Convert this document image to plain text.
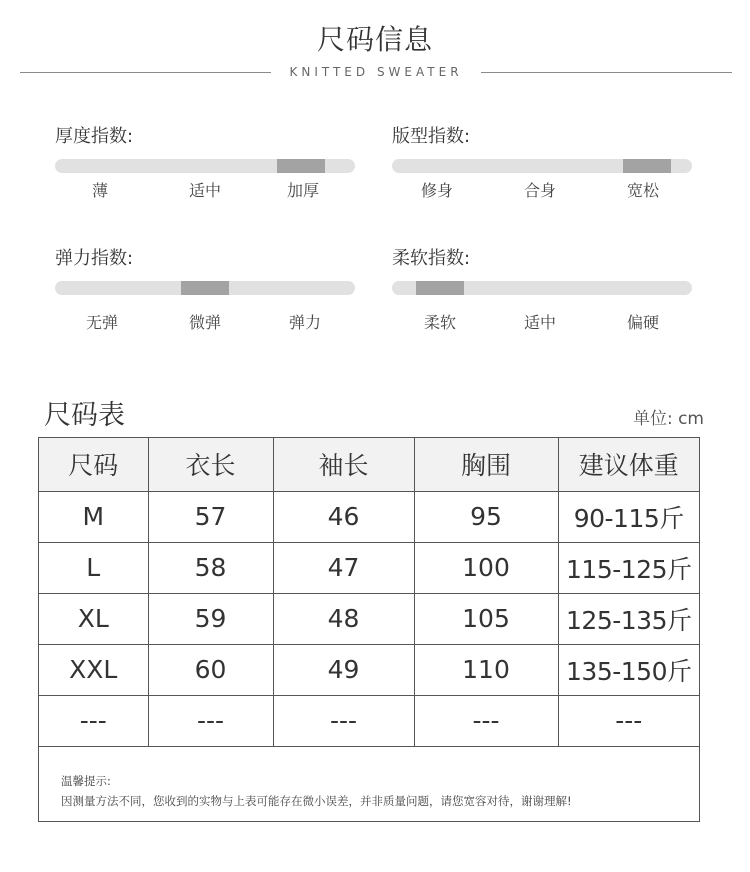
尺码信息
KNITTED SWEATER
厚度指数:
薄	适中	加厚
版型指数:
修身	合身	宽松
弹力指数:
无弹	微弹	弹力
柔软指数:
柔软	适中	偏硬
尺码表	单位: cm
尺码	衣长	袖长	胸围	建议体重
M	57	46	95	90-115斤
L	58	47	100	115-125斤
XL	59	48	105	125-135斤
XXL	60	49	110	135-150斤
---	---	---	---	---
温馨提示:
因测量方法不同，您收到的实物与上表可能存在微小误差，并非质量问题，请您宽容对待，谢谢理解!
